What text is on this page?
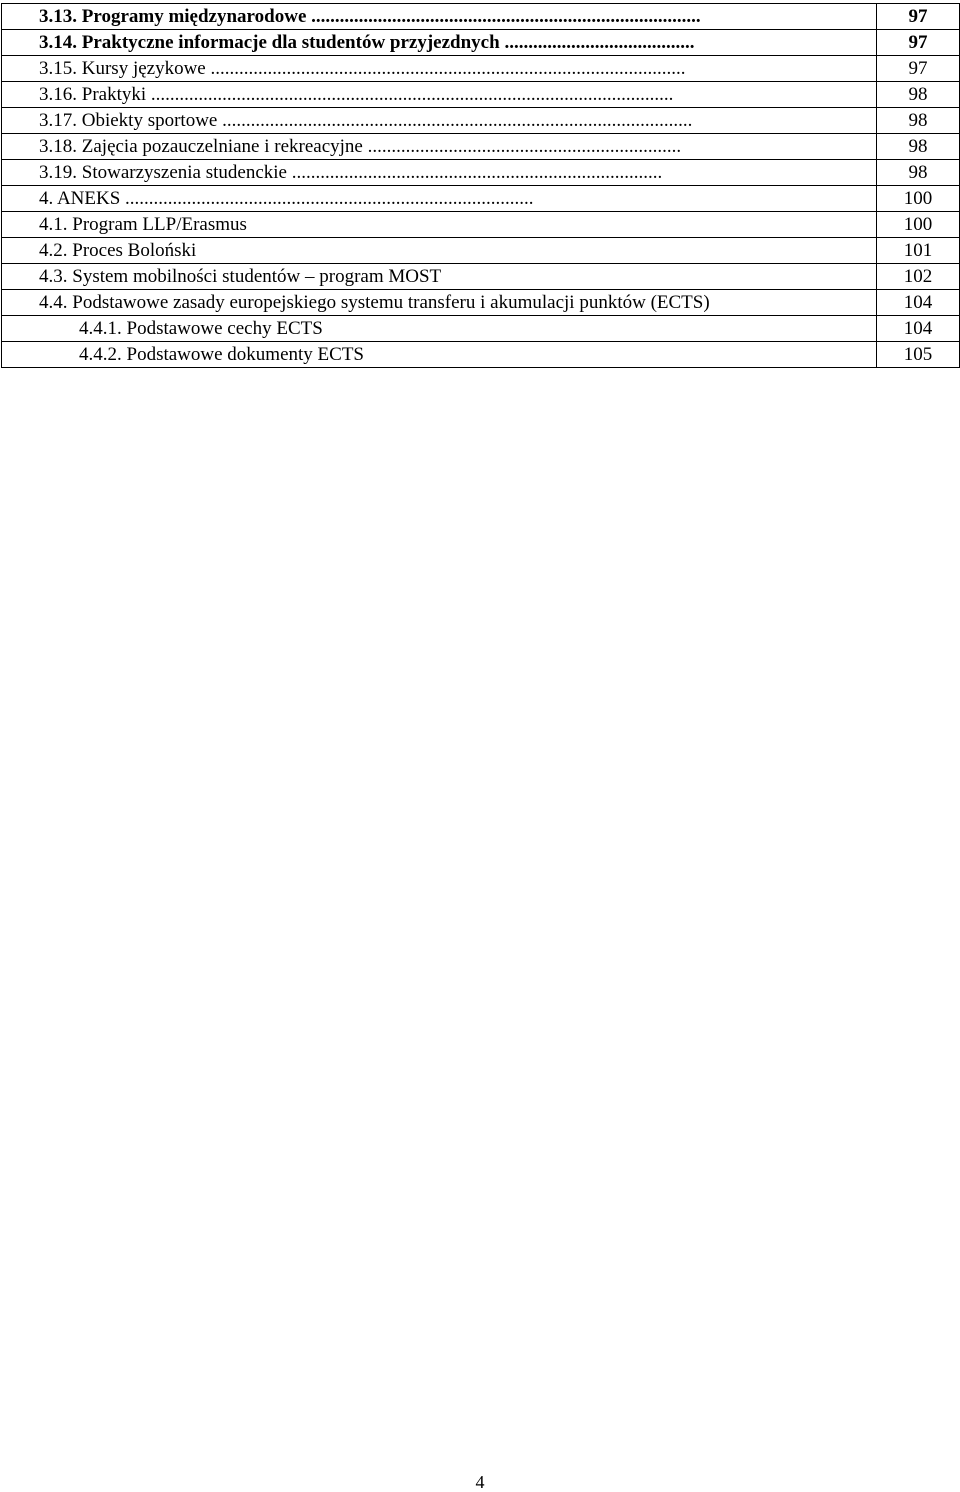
3.13. Programy międzynarodowe ..................................................................................	97
3.14. Praktyczne informacje dla studentów przyjezdnych ........................................	97
3.15. Kursy językowe ....................................................................................................	97
3.16. Praktyki ..............................................................................................................	98
3.17. Obiekty sportowe ...................................................................................................	98
3.18. Zajęcia pozauczelniane i rekreacyjne ..................................................................	98
3.19. Stowarzyszenia studenckie ..............................................................................	98
4. ANEKS ......................................................................................	100
4.1. Program LLP/Erasmus	100
4.2. Proces Boloński	101
4.3. System mobilności studentów – program MOST	102
4.4. Podstawowe zasady europejskiego systemu transferu i akumulacji punktów (ECTS)	104
4.4.1. Podstawowe cechy ECTS	104
4.4.2. Podstawowe dokumenty ECTS	105
4
